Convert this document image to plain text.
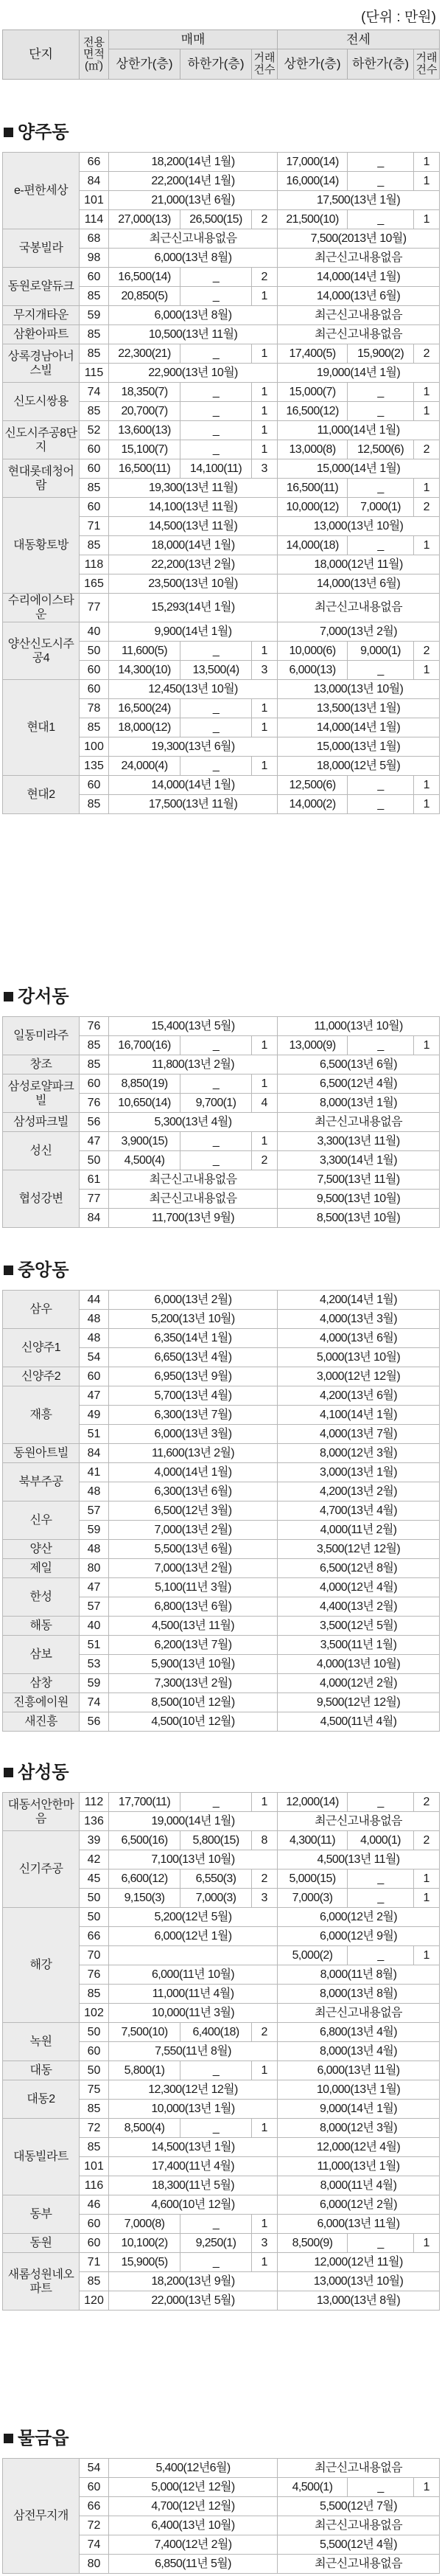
(단위 : 만원)
단지	전용면적(㎡)	매매			전세		
		상한가(층)	하한가(층)	거래건수	상한가(층)	하한가(층)	거래건수
양주동
e-편한세상	66	18,200(14년 1월)			17,000(14)	_	1
	84	22,200(14년 1월)			16,000(14)	_	1
	101	21,000(13년 6월)			17,500(13년 1월)		
	114	27,000(13)	26,500(15)	2	21,500(10)	_	1
국봉빌라	68	최근신고내용없음			7,500(2013년 10월)		
	98	6,000(13년 8월)			최근신고내용없음		
동원로얄듀크	60	16,500(14)	_	2	14,000(14년 1월)		
	85	20,850(5)	_	1	14,000(13년 6월)		
무지개타운	59	6,000(13년 8월)			최근신고내용없음		
삼환아파트	85	10,500(13년 11월)			최근신고내용없음		
상록경남아너스빌	85	22,300(21)	_	1	17,400(5)	15,900(2)	2
	115	22,900(13년 10월)			19,000(14년 1월)		
신도시쌍용	74	18,350(7)	_	1	15,000(7)	_	1
	85	20,700(7)	_	1	16,500(12)	_	1
신도시주공8단지	52	13,600(13)	_	1	11,000(14년 1월)		
	60	15,100(7)	_	1	13,000(8)	12,500(6)	2
현대롯데청어람	60	16,500(11)	14,100(11)	3	15,000(14년 1월)		
	85	19,300(13년 11월)			16,500(11)	_	1
대동황토방	60	14,100(13년 11월)			10,000(12)	7,000(1)	2
	71	14,500(13년 11월)			13,000(13년 10월)		
	85	18,000(14년 1월)			14,000(18)	_	1
	118	22,200(13년 2월)			18,000(12년 11월)		
	165	23,500(13년 10월)			14,000(13년 6월)		
수리에이스타운	77	15,293(14년 1월)			최근신고내용없음		
양산신도시주공4	40	9,900(14년 1월)			7,000(13년 2월)		
	50	11,600(5)	_	1	10,000(6)	9,000(1)	2
	60	14,300(10)	13,500(4)	3	6,000(13)	_	1
현대1	60	12,450(13년 10월)			13,000(13년 10월)		
	78	16,500(24)	_	1	13,500(13년 1월)		
	85	18,000(12)	_	1	14,000(14년 1월)		
	100	19,300(13년 6월)			15,000(13년 1월)		
	135	24,000(4)	_	1	18,000(12년 5월)		
현대2	60	14,000(14년 1월)			12,500(6)	_	1
	85	17,500(13년 11월)			14,000(2)	_	1
강서동
일동미라주	76	15,400(13년 5월)			11,000(13년 10월)		
	85	16,700(16)	_	1	13,000(9)	_	1
창조	85	11,800(13년 2월)			6,500(13년 6월)		
삼성로얄파크빌	60	8,850(19)	_	1	6,500(12년 4월)		
	76	10,650(14)	9,700(1)	4	8,000(13년 1월)		
삼성파크빌	56	5,300(13년 4월)			최근신고내용없음		
성신	47	3,900(15)	_	1	3,300(13년 11월)		
	50	4,500(4)	_	2	3,300(14년 1월)		
협성강변	61	최근신고내용없음			7,500(13년 11월)		
	77	최근신고내용없음			9,500(13년 10월)		
	84	11,700(13년 9월)			8,500(13년 10월)		
중앙동
삼우	44	6,000(13년 2월)	4,200(14년 1월)
	48	5,200(13년 10월)	4,000(13년 3월)
신양주1	48	6,350(14년 1월)	4,000(13년 6월)
	54	6,650(13년 4월)	5,000(13년 10월)
신양주2	60	6,950(13년 9월)	3,000(12년 12월)
재흥	47	5,700(13년 4월)	4,200(13년 6월)
	49	6,300(13년 7월)	4,100(14년 1월)
	51	6,000(13년 3월)	4,000(13년 7월)
동원아트빌	84	11,600(13년 2월)	8,000(12년 3월)
북부주공	41	4,000(14년 1월)	3,000(13년 1월)
	48	6,300(13년 6월)	4,200(13년 2월)
신우	57	6,500(12년 3월)	4,700(13년 4월)
	59	7,000(13년 2월)	4,000(11년 2월)
양산	48	5,500(13년 6월)	3,500(12년 12월)
제일	80	7,000(13년 2월)	6,500(12년 8월)
한성	47	5,100(11년 3월)	4,000(12년 4월)
	57	6,800(13년 6월)	4,400(13년 2월)
해동	40	4,500(13년 11월)	3,500(12년 5월)
삼보	51	6,200(13년 7월)	3,500(11년 1월)
	53	5,900(13년 10월)	4,000(13년 10월)
삼창	59	7,300(13년 2월)	4,000(12년 2월)
진흥에이원	74	8,500(10년 12월)	9,500(12년 12월)
새진흥	56	4,500(10년 12월)	4,500(11년 4월)
삼성동
대동서안한마음	112	17,700(11)	_	1	12,000(14)	_	2
	136	19,000(14년 1월)			최근신고내용없음		
신기주공	39	6,500(16)	5,800(15)	8	4,300(11)	4,000(1)	2
	42	7,100(13년 10월)			4,500(13년 11월)		
	45	6,600(12)	6,550(3)	2	5,000(15)	_	1
	50	9,150(3)	7,000(3)	3	7,000(3)	_	1
해강	50	5,200(12년 5월)			6,000(12년 2월)		
	66	6,000(12년 1월)			6,000(12년 9월)		
	70				5,000(2)	_	1
	76	6,000(11년 10월)			8,000(11년 8월)		
	85	11,000(11년 4월)			8,000(13년 8월)		
	102	10,000(11년 3월)			최근신고내용없음		
녹원	50	7,500(10)	6,400(18)	2	6,800(13년 4월)		
	60	7,550(11년 8월)			8,000(13년 4월)		
대동	50	5,800(1)	_	1	6,000(13년 11월)		
대동2	75	12,300(12년 12월)			10,000(13년 1월)		
	85	10,000(13년 1월)			9,000(14년 1월)		
대동빌라트	72	8,500(4)	_	1	8,000(12년 3월)		
	85	14,500(13년 1월)			12,000(12년 4월)		
	101	17,400(11년 4월)			11,000(13년 1월)		
	116	18,300(11년 5월)			8,000(11년 4월)		
동부	46	4,600(10년 12월)			6,000(12년 2월)		
	60	7,000(8)	_	1	6,000(13년 11월)		
동원	60	10,100(2)	9,250(1)	3	8,500(9)	_	1
새롬성원네오파트	71	15,900(5)	_	1	12,000(12년 11월)		
	85	18,200(13년 9월)			13,000(13년 10월)		
	120	22,000(13년 5월)			13,000(13년 8월)		
물금읍
삼전무지개	54	5,400(12년6월)	최근신고내용없음		
	60	5,000(12년 12월)	4,500(1)	_	1
	66	4,700(12년 12월)	5,500(12년 7월)		
	72	6,400(13년 10월)	최근신고내용없음		
	74	7,400(12년 2월)	5,500(12년 4월)		
	80	6,850(11년 5월)	최근신고내용없음		
